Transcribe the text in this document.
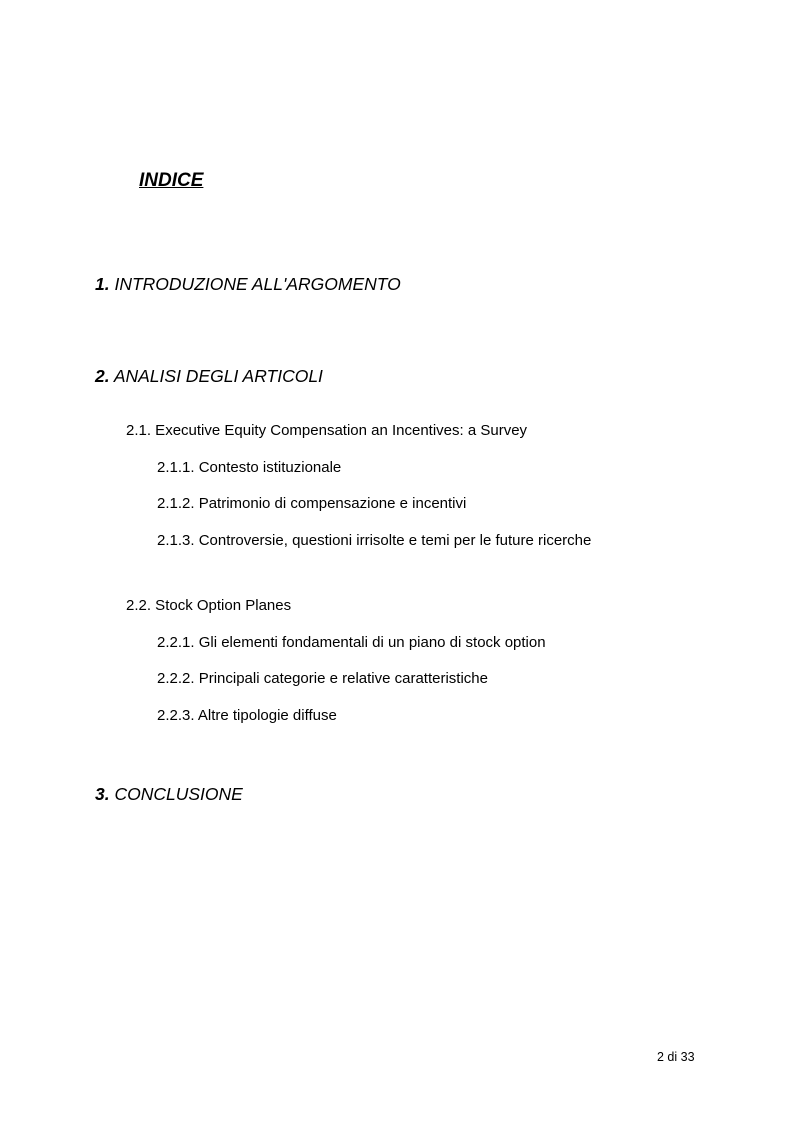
INDICE
1. INTRODUZIONE ALL'ARGOMENTO
2. ANALISI DEGLI ARTICOLI
2.1. Executive Equity Compensation an Incentives: a Survey
2.1.1. Contesto istituzionale
2.1.2. Patrimonio di compensazione e incentivi
2.1.3. Controversie, questioni irrisolte e temi per le future ricerche
2.2. Stock Option Planes
2.2.1. Gli elementi fondamentali di un piano di stock option
2.2.2. Principali categorie e relative caratteristiche
2.2.3. Altre tipologie diffuse
3. CONCLUSIONE
2 di 33
